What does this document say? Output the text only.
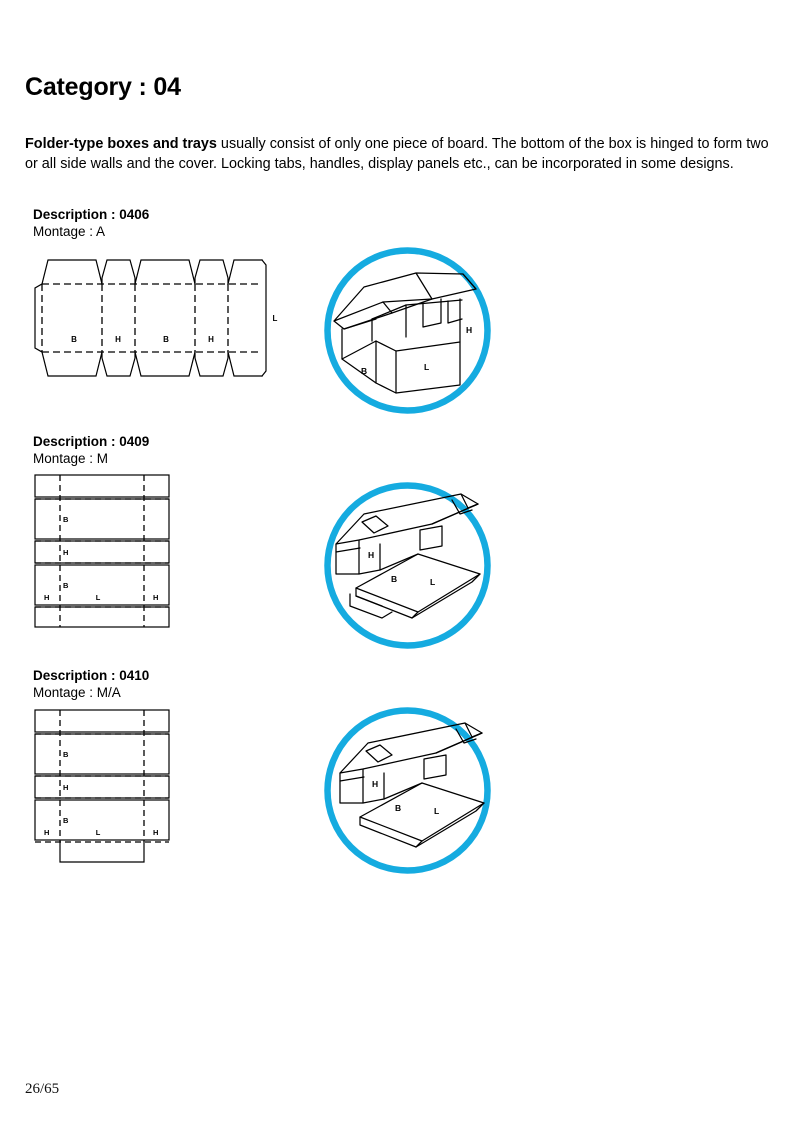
Category : 04

Folder-type boxes and trays usually consist of only one piece of board. The bottom of the box is hinged to form two or all side walls and the cover. Locking tabs, handles, display panels etc., can be incorporated in some designs.

Description : 0406
Montage : A
B	H	B	H
L
H
B	L
Description : 0409
Montage : M
B
H
B
L
H	H
H
B	L
Description : 0410
Montage : M/A
B
H
B
L
H	H
H
B	L
26/65
